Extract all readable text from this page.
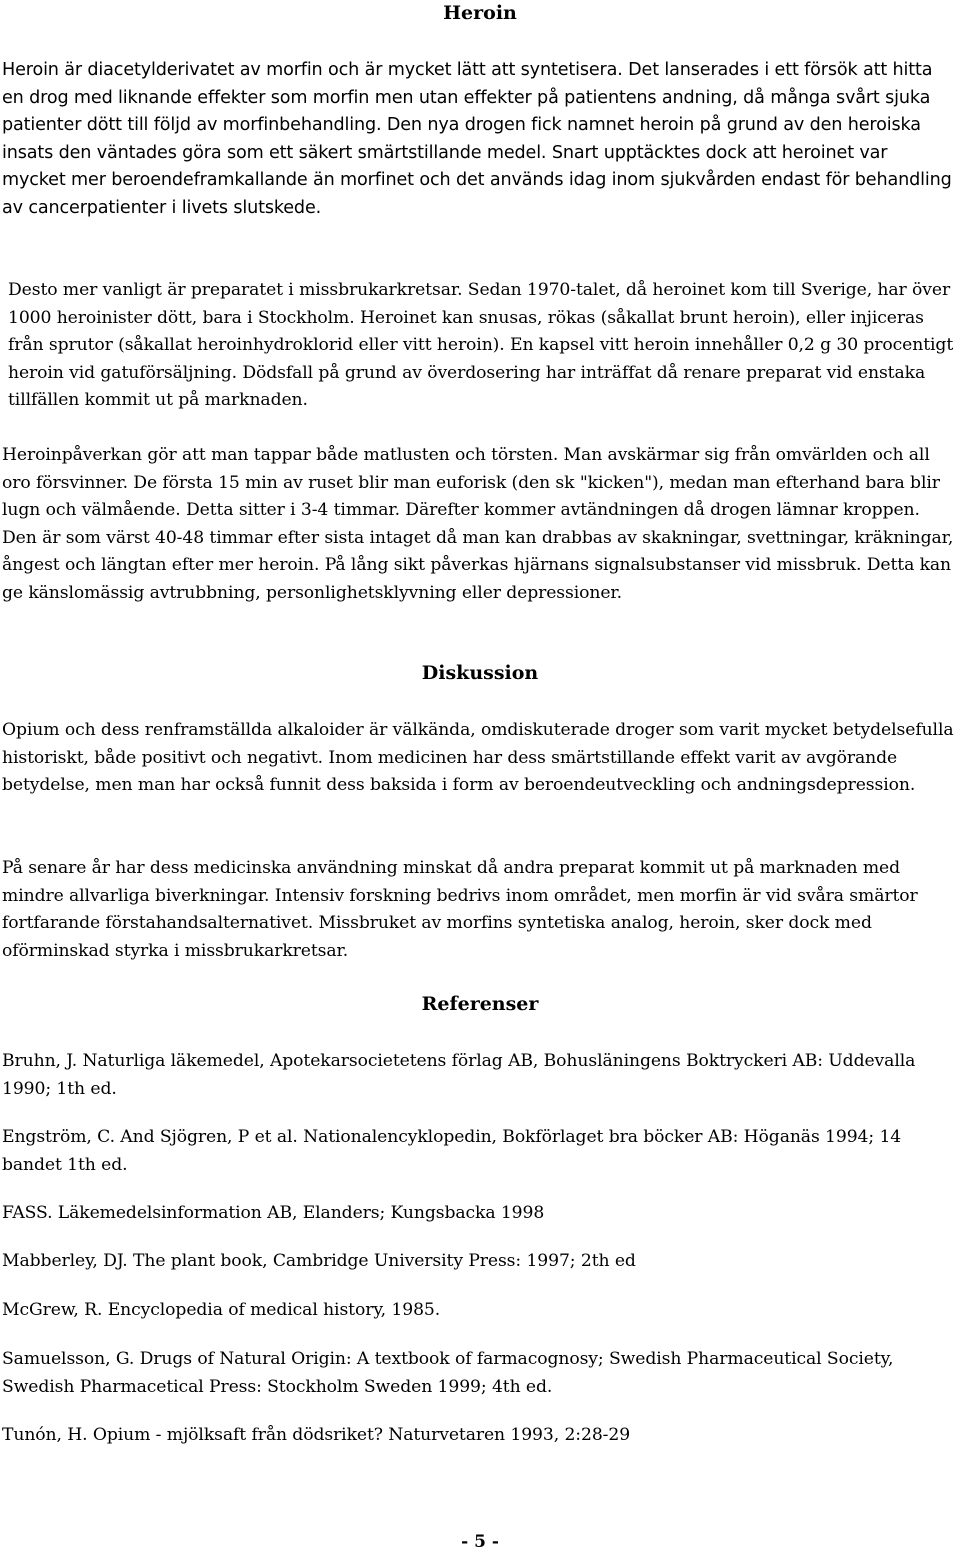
Heroin

Heroin är diacetylderivatet av morfin och är mycket lätt att syntetisera. Det lanserades i ett försök att hitta en drog med liknande effekter som morfin men utan effekter på patientens andning, då många svårt sjuka patienter dött till följd av morfinbehandling. Den nya drogen fick namnet heroin på grund av den heroiska insats den väntades göra som ett säkert smärtstillande medel. Snart upptäcktes dock att heroinet var mycket mer beroendeframkallande än morfinet och det används idag inom sjukvården endast för behandling av cancerpatienter i livets slutskede.

Desto mer vanligt är preparatet i missbrukarkretsar. Sedan 1970-talet, då heroinet kom till Sverige, har över 1000 heroinister dött, bara i Stockholm. Heroinet kan snusas, rökas (såkallat brunt heroin), eller injiceras från sprutor (såkallat heroinhydroklorid eller vitt heroin). En kapsel vitt heroin innehåller 0,2 g 30 procentigt heroin vid gatuförsäljning. Dödsfall på grund av överdosering har inträffat då renare preparat vid enstaka tillfällen kommit ut på marknaden.

Heroinpåverkan gör att man tappar både matlusten och törsten. Man avskärmar sig från omvärlden och all oro försvinner. De första 15 min av ruset blir man euforisk (den sk "kicken"), medan man efterhand bara blir lugn och välmående. Detta sitter i 3-4 timmar. Därefter kommer avtändningen då drogen lämnar kroppen. Den är som värst 40-48 timmar efter sista intaget då man kan drabbas av skakningar, svettningar, kräkningar, ångest och längtan efter mer heroin. På lång sikt påverkas hjärnans signalsubstanser vid missbruk. Detta kan ge känslomässig avtrubbning, personlighetsklyvning eller depressioner.

Diskussion

Opium och dess renframställda alkaloider är välkända, omdiskuterade droger som varit mycket betydelsefulla historiskt, både positivt och negativt. Inom medicinen har dess smärtstillande effekt varit av avgörande betydelse, men man har också funnit dess baksida i form av beroendeutveckling och andningsdepression.

På senare år har dess medicinska användning minskat då andra preparat kommit ut på marknaden med mindre allvarliga biverkningar. Intensiv forskning bedrivs inom området, men morfin är vid svåra smärtor fortfarande förstahandsalternativet. Missbruket av morfins syntetiska analog, heroin, sker dock med oförminskad styrka i missbrukarkretsar.

Referenser

Bruhn, J. Naturliga läkemedel, Apotekarsocietetens förlag AB, Bohusläningens Boktryckeri AB: Uddevalla 1990; 1th ed.

Engström, C. And Sjögren, P et al. Nationalencyklopedin, Bokförlaget bra böcker AB: Höganäs 1994; 14 bandet 1th ed.

FASS. Läkemedelsinformation AB, Elanders; Kungsbacka 1998

Mabberley, DJ. The plant book, Cambridge University Press: 1997; 2th ed

McGrew, R. Encyclopedia of medical history, 1985.

Samuelsson, G. Drugs of Natural Origin: A textbook of farmacognosy; Swedish Pharmaceutical Society, Swedish Pharmacetical Press: Stockholm Sweden 1999; 4th ed.

Tunón, H. Opium - mjölksaft från dödsriket? Naturvetaren 1993, 2:28-29

- 5 -
